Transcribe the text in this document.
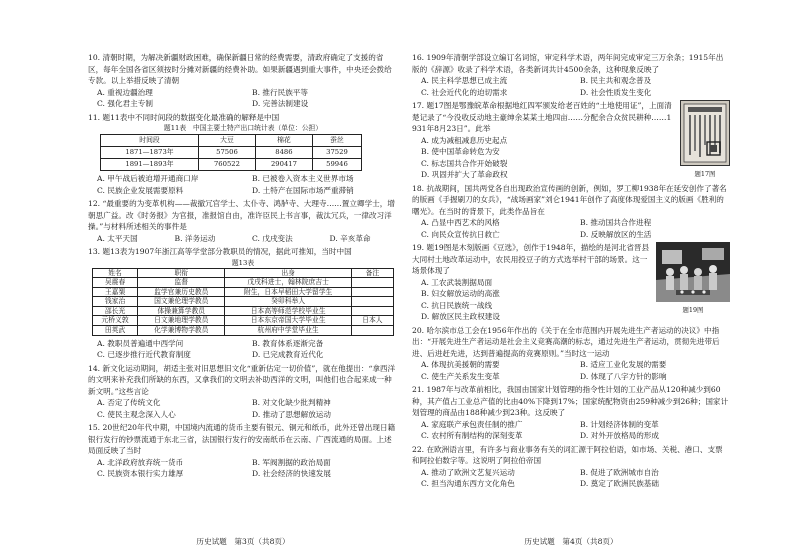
10. 清朝时期，为解决新疆财政困难，确保新疆日常的经费需要，清政府确定了支援的省区，每年全国各省区须按时分摊对新疆的经费补助。如果新疆遇到重大事件，中央还会拨给专款。以上举措反映了清朝
A. 重视边疆治理	B. 推行民族平等
C. 强化君主专制	D. 完善法制建设
11. 题11表中不同时间段的数据变化最准确的解释是中国
题11表　中国主要土特产出口统计表（单位：公担）
时间段	大豆	棉花	蚕丝
1871—1873年	57506	8486	37529
1891—1893年	760522	290417	59946
A. 甲午战后被迫增开通商口岸	B. 已被卷入资本主义世界市场
C. 民族企业发展需要原料	D. 土特产在国际市场严重滞销
12. “最重要的为变革机构——裁撤冗官学士、太仆寺、鸿胪寺、大理寺……置立卿学士，增朝思广益。改《时务报》为官报，准报馆自由，准许臣民上书言事，裁汰冗兵，一律改习洋操。”与材料所述相关的事件是
A. 太平天国	B. 洋务运动	C. 戊戌变法	D. 辛亥革命
13. 题13表为1907年浙江高等学堂部分教职员的情况，据此可推知，当时中国
题13表
姓名	职衔	出身	备注
吴震春	监督	戊戌科进士，翰林院庶吉士	
王嘉榘	监学官兼历史教员	附生，日本早稻田大学留学生	
钱家治	国文兼伦理学教员	癸卯科举人	
邵长光	体操兼算学教员	日本高等师范学校毕业生	
元桥义敦	日文兼地理学教员	日本东京帝国大学毕业生	日本人
田英武	化学兼博物学教员	杭州府中学堂毕业生	
A. 教职员普遍通中西学问	B. 教育体系逐渐完备
C. 已逐步推行近代教育制度	D. 已完成教育近代化
14. 新文化运动期间，胡适主张对旧思想旧文化“重新估定一切价值”，就在他提出：“拿西洋的文明来补充我们所缺的东西，又拿我们的文明去补助西洋的文明，叫他们也合起来成一种新文明。”这些言论
A. 否定了传统文化	B. 对文化缺少批判精神
C. 使民主观念深入人心	D. 推动了思想解放运动
15. 20世纪20年代中期，中国境内流通的货币主要有银元、铜元和纸币，此外还曾出现日籍银行发行的钞票流通于东北三省，法国银行发行的安南纸币在云南、广西流通的局面。上述局面反映了当时
A. 北洋政府放弃统一货币	B. 军阀割据的政治局面
C. 民族资本银行实力雄厚	D. 社会经济的快速发展
历史试题　第3页（共8页）
16. 1909年清朝学部设立编订名词馆，审定科学术语，两年间完成审定三万余条；1915年出版的《辞源》收录了科学术语，各类新词共计4500余条，这种现象反映了
A. 民主科学思想已成主流	B. 民主共和观念普及
C. 社会近代化的迫切需求	D. 社会性质发生变化
题17图
17. 题17图是鄂豫皖革命根据地红四军颁发给老百姓的“土地使用证”，上面清楚记录了“今没收反动地主豪绅余某某土地四亩……分配余合众贫民耕种……1931年8月23日”。此举
A. 成为减租减息历史起点
B. 使中国革命转危为安
C. 标志国共合作开始破裂
D. 巩固并扩大了革命政权
18. 抗战期间，国共两党各自出现政治宣传画的创新，例如，罗工柳1938年在延安创作了著名的版画《手握刷刀的女兵》，“战场画家”刘仑1941年创作了高度体现爱国主义的版画《胜利的曙光》。在当时的背景下，此类作品旨在
A. 凸显中西艺术的风格	B. 推动国共合作进程
C. 向民众宣传抗日救亡	D. 反映解放区的生活
题19图
19. 题19图是木刻版画《豆选》，创作于1948年，描绘的是河北省晋县大同村土地改革运动中，农民用投豆子的方式选举村干部的场景。这一场景体现了
A. 工农武装割据局面
B. 妇女解放运动的高涨
C. 抗日民族统一战线
D. 解放区民主政权建设
20. 哈尔滨市总工会在1956年作出的《关于在全市范围内开展先进生产者运动的决议》中指出：“开展先进生产者运动是社会主义竞赛高潮的标志，通过先进生产者运动，贯彻先进带后进、后进赶先进，达到普遍提高的竞赛原则。”当时这一运动
A. 体现抗美援朝的需要	B. 适应工业化发展的需要
C. 使生产关系发生变革	D. 体现了八字方针的影响
21. 1987年与改革前相比，我国由国家计划管理的指令性计划的工业产品从120种减少到60种，其产值占工业总产值的比由40%下降到17%；国家统配物资由259种减少到26种；国家计划管理的商品由188种减少到23种。这反映了
A. 家庭联产承包责任制的推广	B. 计划经济体制的变革
C. 农村所有制结构的深刻变革	D. 对外开放格局的形成
22. 在欧洲语言里，有许多与商业事务有关的词汇源于阿拉伯语，如市场、关税、港口、支票和阿拉伯数字等。这说明了阿拉伯帝国
A. 推动了欧洲文艺复兴运动	B. 促进了欧洲城市自治
C. 担当沟通东西方文化角色	D. 奠定了欧洲民族基础
历史试题　第4页（共8页）
